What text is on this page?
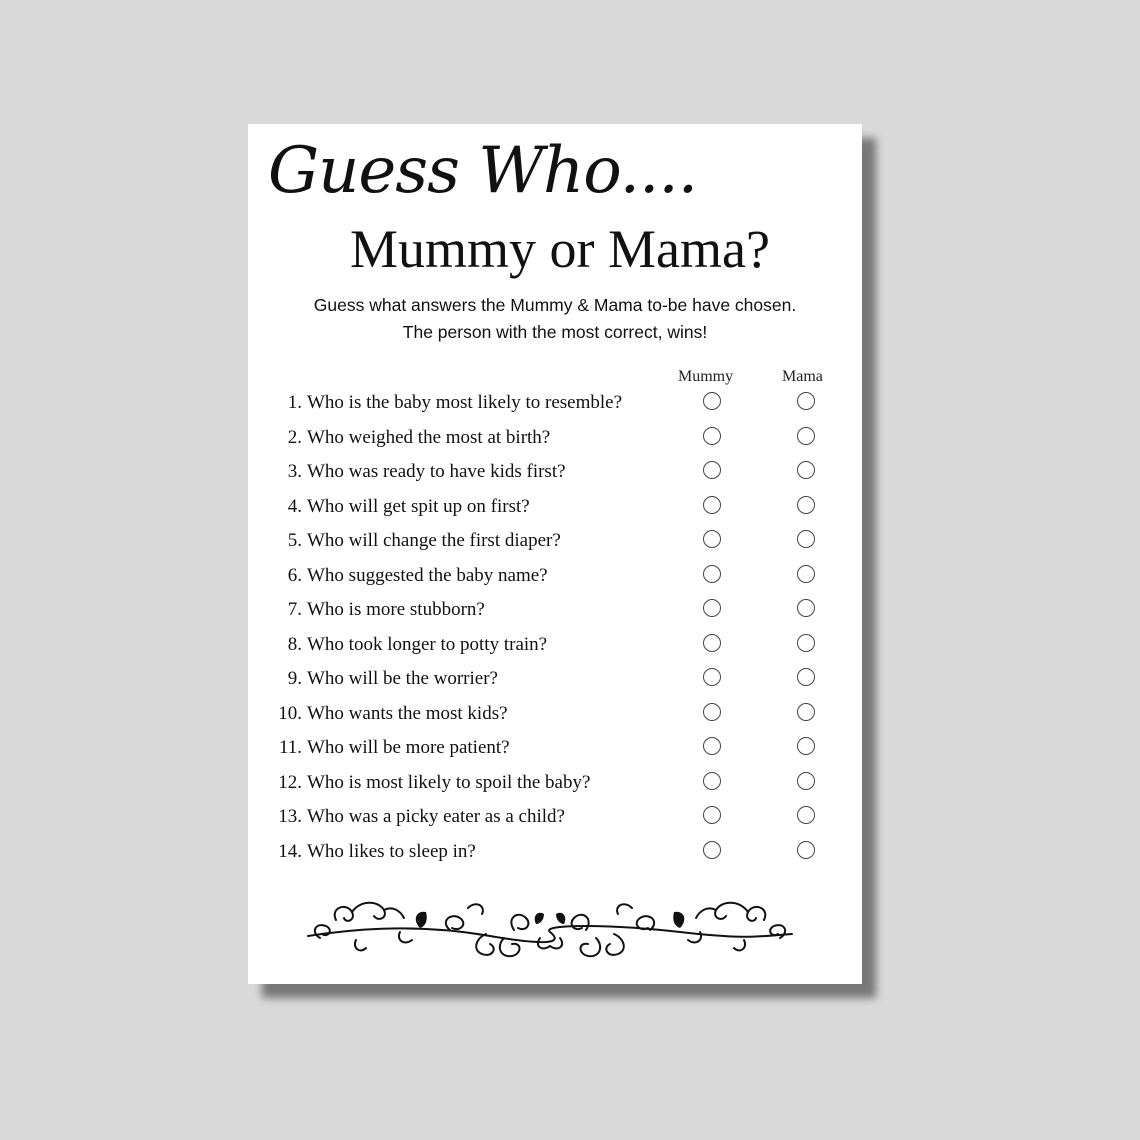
Guess Who....
Mummy or Mama?
Guess what answers the Mummy & Mama to-be have chosen.
The person with the most correct, wins!
Mummy	Mama
1. Who is the baby most likely to resemble?
2. Who weighed the most at birth?
3. Who was ready to have kids first?
4. Who will get spit up on first?
5. Who will change the first diaper?
6. Who suggested the baby name?
7. Who is more stubborn?
8. Who took longer to potty train?
9. Who will be the worrier?
10. Who wants the most kids?
11. Who will be more patient?
12. Who is most likely to spoil the baby?
13. Who was a picky eater as a child?
14. Who likes to sleep in?
